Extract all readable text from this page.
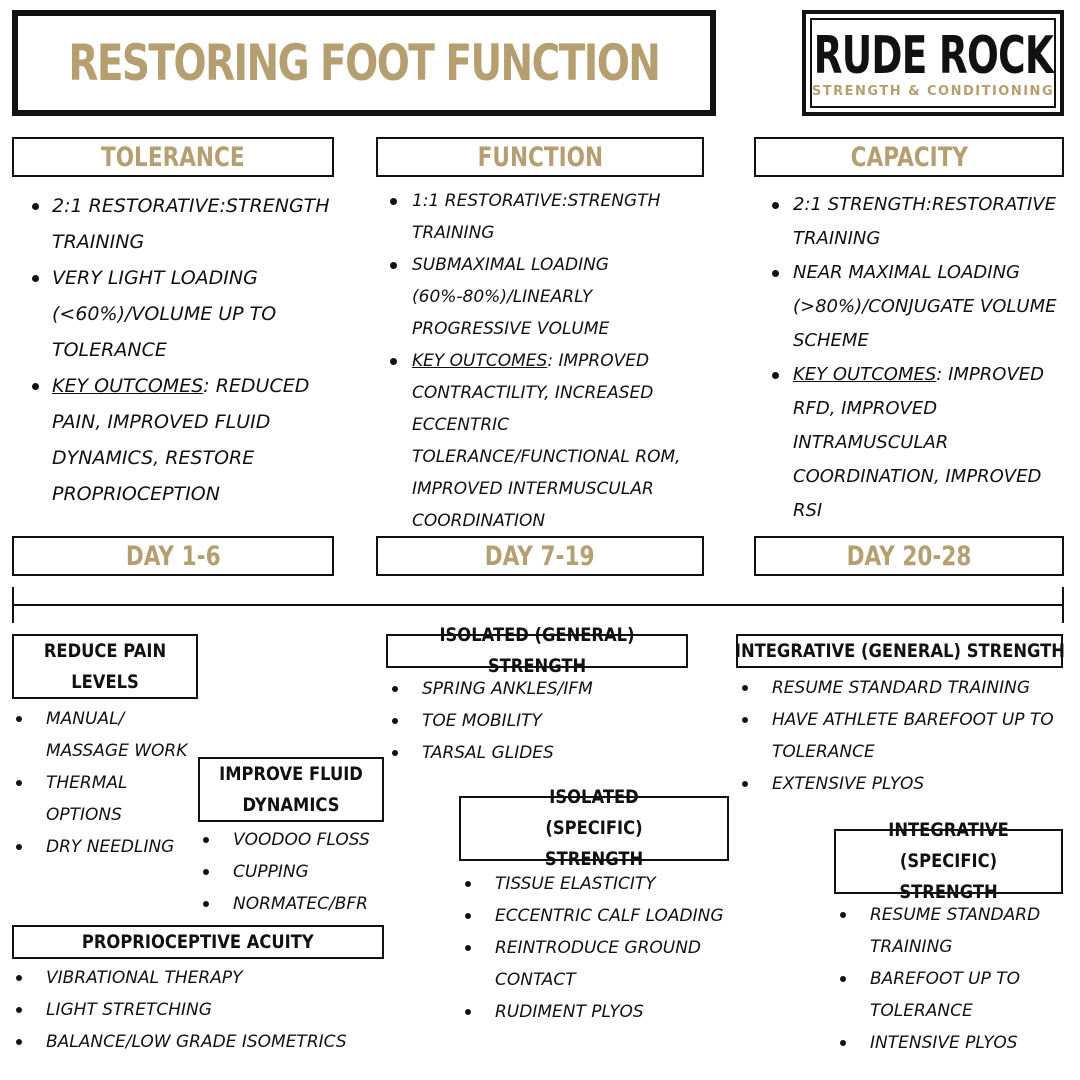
RESTORING FOOT FUNCTION	RUDE ROCK
STRENGTH & CONDITIONING
TOLERANCE	FUNCTION	CAPACITY
2:1 RESTORATIVE:STRENGTH TRAINING
VERY LIGHT LOADING (<60%)/VOLUME UP TO TOLERANCE
KEY OUTCOMES: REDUCED PAIN, IMPROVED FLUID DYNAMICS, RESTORE PROPRIOCEPTION
1:1 RESTORATIVE:STRENGTH TRAINING
SUBMAXIMAL LOADING (60%-80%)/LINEARLY PROGRESSIVE VOLUME
KEY OUTCOMES: IMPROVED CONTRACTILITY, INCREASED ECCENTRIC TOLERANCE/FUNCTIONAL ROM, IMPROVED INTERMUSCULAR COORDINATION
2:1 STRENGTH:RESTORATIVE TRAINING
NEAR MAXIMAL LOADING (>80%)/CONJUGATE VOLUME SCHEME
KEY OUTCOMES: IMPROVED RFD, IMPROVED INTRAMUSCULAR COORDINATION, IMPROVED RSI
DAY 1-6	DAY 7-19	DAY 20-28
REDUCE PAIN LEVELS
MANUAL/ MASSAGE WORK
THERMAL OPTIONS
DRY NEEDLING
IMPROVE FLUID DYNAMICS
VOODOO FLOSS
CUPPING
NORMATEC/BFR
PROPRIOCEPTIVE ACUITY
VIBRATIONAL THERAPY
LIGHT STRETCHING
BALANCE/LOW GRADE ISOMETRICS
ISOLATED (GENERAL) STRENGTH
SPRING ANKLES/IFM
TOE MOBILITY
TARSAL GLIDES
ISOLATED (SPECIFIC) STRENGTH
TISSUE ELASTICITY
ECCENTRIC CALF LOADING
REINTRODUCE GROUND CONTACT
RUDIMENT PLYOS
INTEGRATIVE (GENERAL) STRENGTH
RESUME STANDARD TRAINING
HAVE ATHLETE BAREFOOT UP TO TOLERANCE
EXTENSIVE PLYOS
INTEGRATIVE (SPECIFIC) STRENGTH
RESUME STANDARD TRAINING
BAREFOOT UP TO TOLERANCE
INTENSIVE PLYOS
